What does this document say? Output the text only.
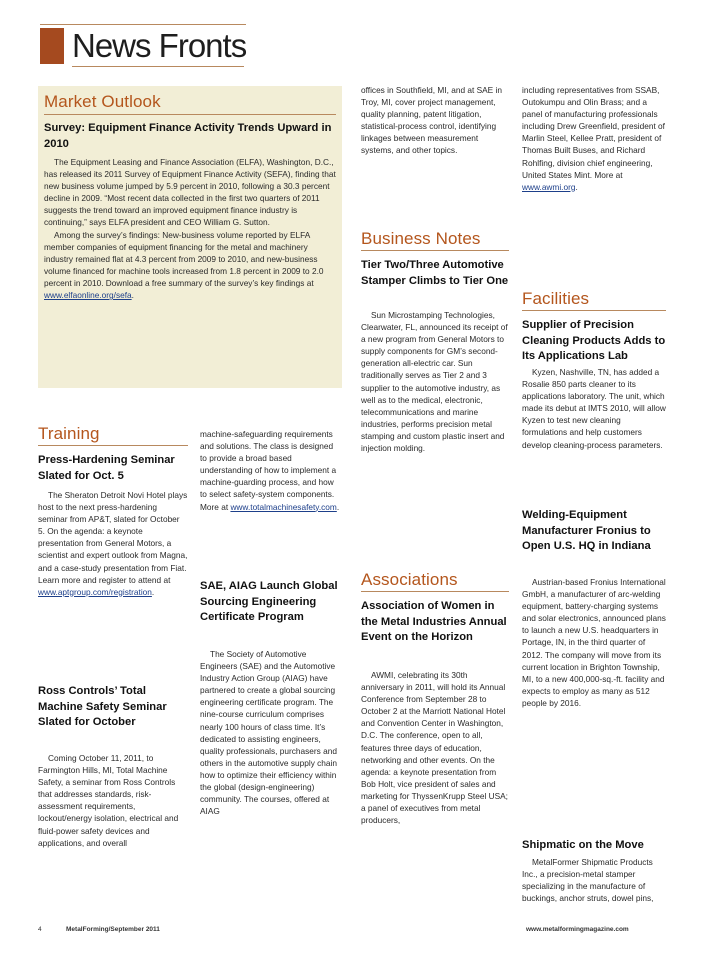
News Fronts
Market Outlook
Survey: Equipment Finance Activity Trends Upward in 2010

The Equipment Leasing and Finance Association (ELFA), Washington, D.C., has released its 2011 Survey of Equipment Finance Activity (SEFA), finding that new business volume jumped by 5.9 percent in 2010, following a 30.3 percent decline in 2009. “Most recent data collected in the first two quarters of 2011 suggests the trend toward an improved equipment finance industry is continuing,” says ELFA president and CEO William G. Sutton.

Among the survey’s findings: New-business volume reported by ELFA member companies of equipment financing for the metal and machinery industry remained flat at 4.3 percent from 2009 to 2010, and new-business volume financed for machine tools increased from 1.8 percent in 2009 to 2.0 percent in 2010. Download a free summary of the survey’s key findings at www.elfaonline.org/sefa.

Training
Press-Hardening Seminar Slated for Oct. 5

The Sheraton Detroit Novi Hotel plays host to the next press-hardening seminar from AP&T, slated for October 5. On the agenda: a keynote presentation from General Motors, a scientist and expert outlook from Magna, and a case-study presentation from Fiat. Learn more and register to attend at www.aptgroup.com/registration.

Ross Controls’ Total Machine Safety Seminar Slated for October

Coming October 11, 2011, to Farmington Hills, MI, Total Machine Safety, a seminar from Ross Controls that addresses standards, risk-assessment requirements, lockout/energy isolation, electrical and fluid-power safety devices and applications, and overall

machine-safeguarding requirements and solutions. The class is designed to provide a broad based understanding of how to implement a machine-guarding process, and how to select safety-system components. More at www.totalmachinesafety.com.

SAE, AIAG Launch Global Sourcing Engineering Certificate Program

The Society of Automotive Engineers (SAE) and the Automotive Industry Action Group (AIAG) have partnered to create a global sourcing engineering certificate program. The nine-course curriculum comprises nearly 100 hours of class time. It’s dedicated to assisting engineers, quality professionals, purchasers and others in the automotive supply chain how to optimize their efficiency within the global (design-engineering) community. The courses, offered at AIAG

offices in Southfield, MI, and at SAE in Troy, MI, cover project management, quality planning, patent litigation, statistical-process control, identifying linkages between measurement systems, and other topics.

Business Notes
Tier Two/Three Automotive Stamper Climbs to Tier One

Sun Microstamping Technologies, Clearwater, FL, announced its receipt of a new program from General Motors to supply components for GM’s second-generation all-electric car. Sun traditionally serves as Tier 2 and 3 supplier to the automotive industry, as well as to the medical, electronic, telecommunications and marine industries, performs precision metal stamping and custom plastic insert and injection molding.

Associations
Association of Women in the Metal Industries Annual Event on the Horizon

AWMI, celebrating its 30th anniversary in 2011, will hold its Annual Conference from September 28 to October 2 at the Marriott National Hotel and Convention Center in Washington, D.C. The conference, open to all, features three days of education, networking and other events. On the agenda: a keynote presentation from Bob Holt, vice president of sales and marketing for ThyssenKrupp Steel USA; a panel of executives from metal producers,

including representatives from SSAB, Outokumpu and Olin Brass; and a panel of manufacturing professionals including Drew Greenfield, president of Marlin Steel, Kellee Pratt, president of Thomas Built Buses, and Richard Rohlfing, division chief engineering, United States Mint. More at www.awmi.org.

Facilities
Supplier of Precision Cleaning Products Adds to Its Applications Lab

Kyzen, Nashville, TN, has added a Rosalie 850 parts cleaner to its applications laboratory. The unit, which made its debut at IMTS 2010, will allow Kyzen to test new cleaning formulations and help customers develop cleaning-process parameters.

Welding-Equipment Manufacturer Fronius to Open U.S. HQ in Indiana

Austrian-based Fronius International GmbH, a manufacturer of arc-welding equipment, battery-charging systems and solar electronics, announced plans to launch a new U.S. headquarters in Portage, IN, in the third quarter of 2012. The company will move from its current location in Brighton Township, MI, to a new 400,000-sq.-ft. facility and expects to employ as many as 512 people by 2016.

Shipmatic on the Move

MetalFormer Shipmatic Products Inc., a precision-metal stamper specializing in the manufacture of buckings, anchor struts, dowel pins,

4	MetalForming/September 2011	www.metalformingmagazine.com
